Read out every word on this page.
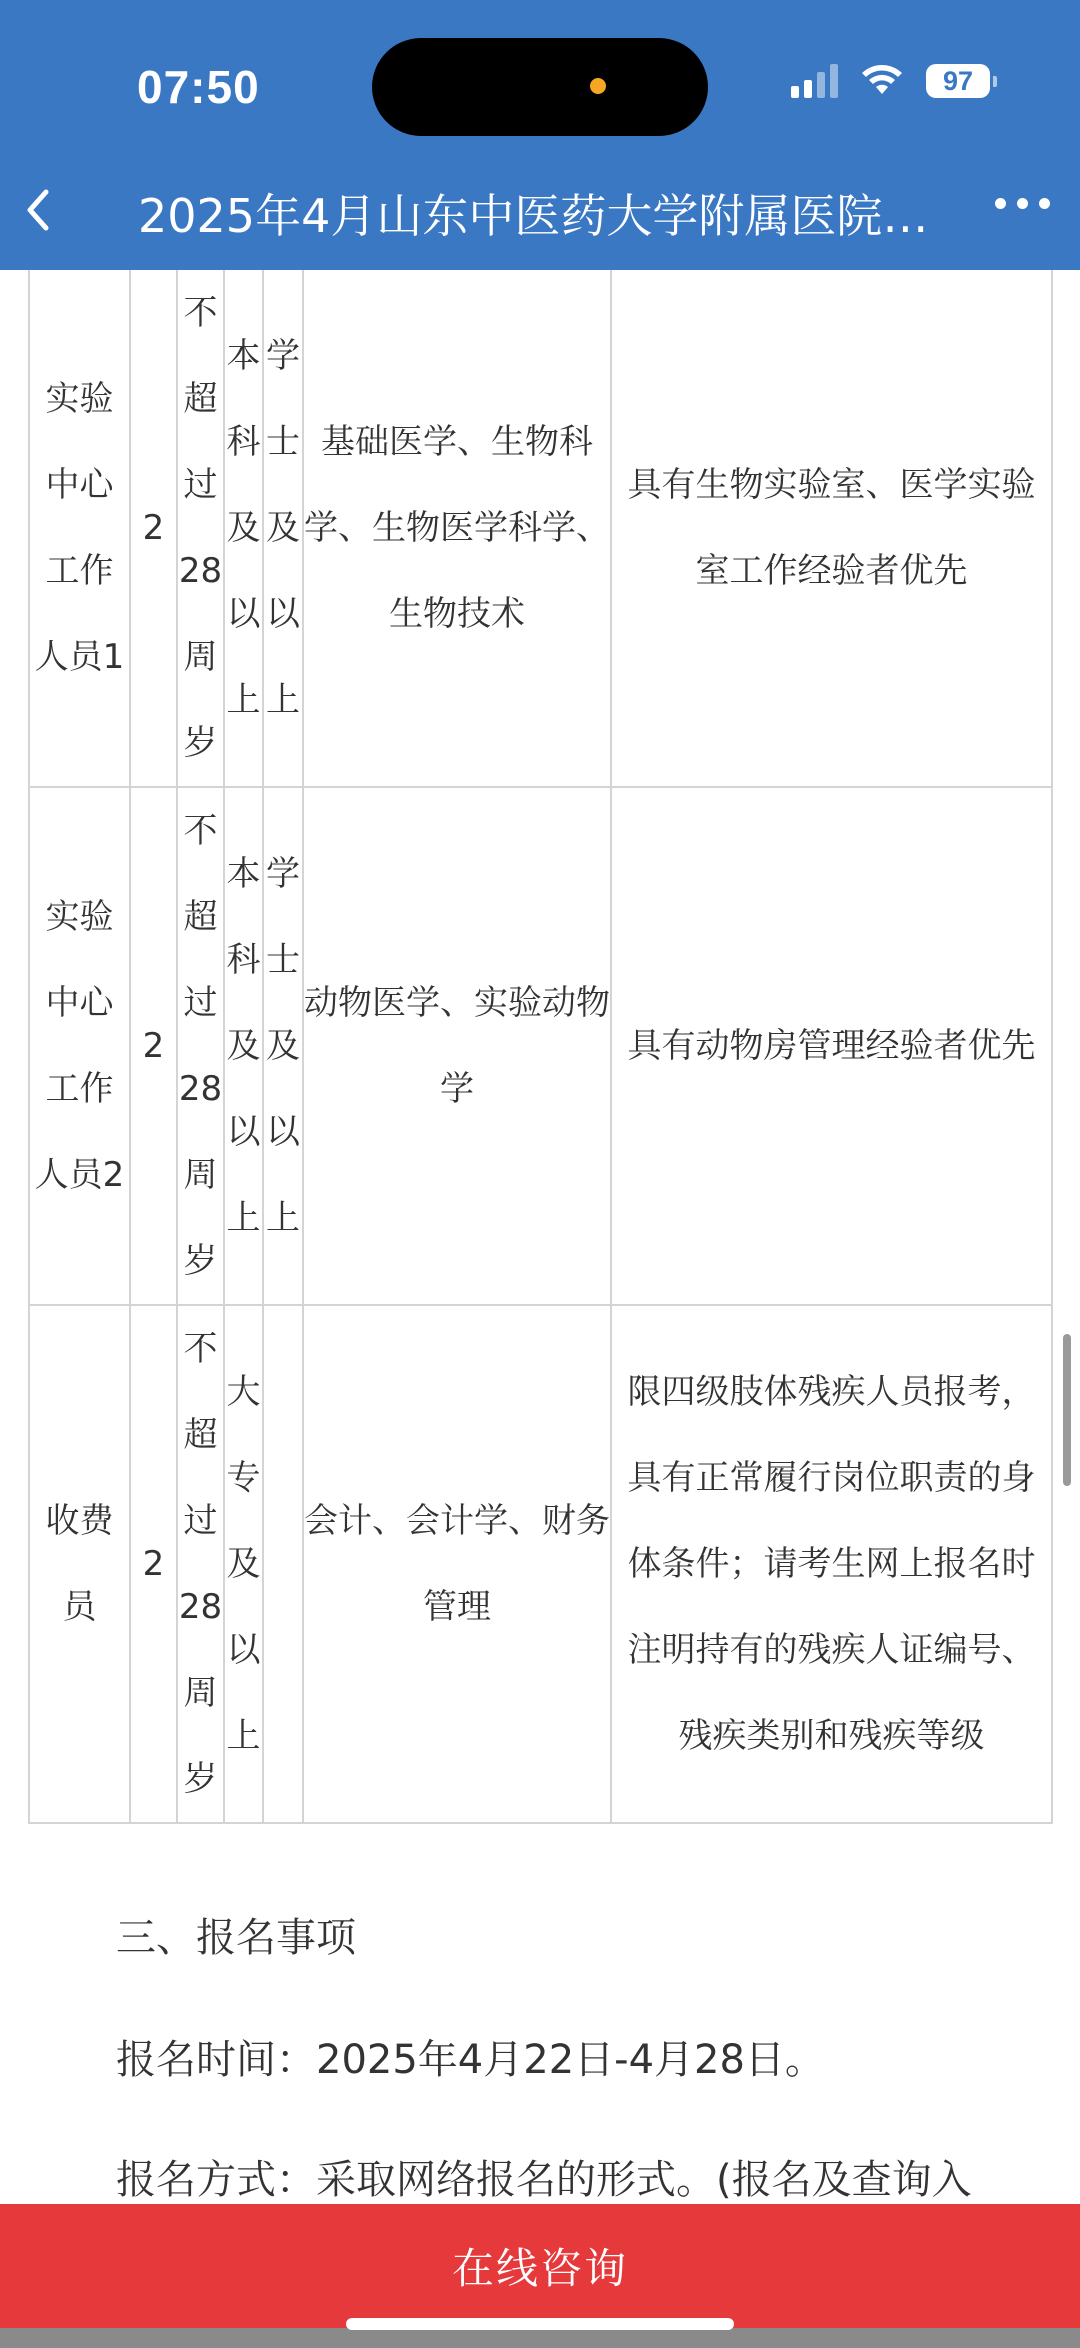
07:50	97
2025年4月山东中医药大学附属医院…
实验中心工作人员1	2	不超过28周岁	本科及以上	学士及以上	基础医学、生物科学、生物医学科学、生物技术	具有生物实验室、医学实验室工作经验者优先
实验中心工作人员2	2	不超过28周岁	本科及以上	学士及以上	动物医学、实验动物学	具有动物房管理经验者优先
收费员	2	不超过28周岁	大专及以上		会计、会计学、财务管理	限四级肢体残疾人员报考，具有正常履行岗位职责的身体条件；请考生网上报名时注明持有的残疾人证编号、残疾类别和残疾等级
三、报名事项
报名时间：2025年4月22日-4月28日。
报名方式：采取网络报名的形式。(报名及查询入
在线咨询
